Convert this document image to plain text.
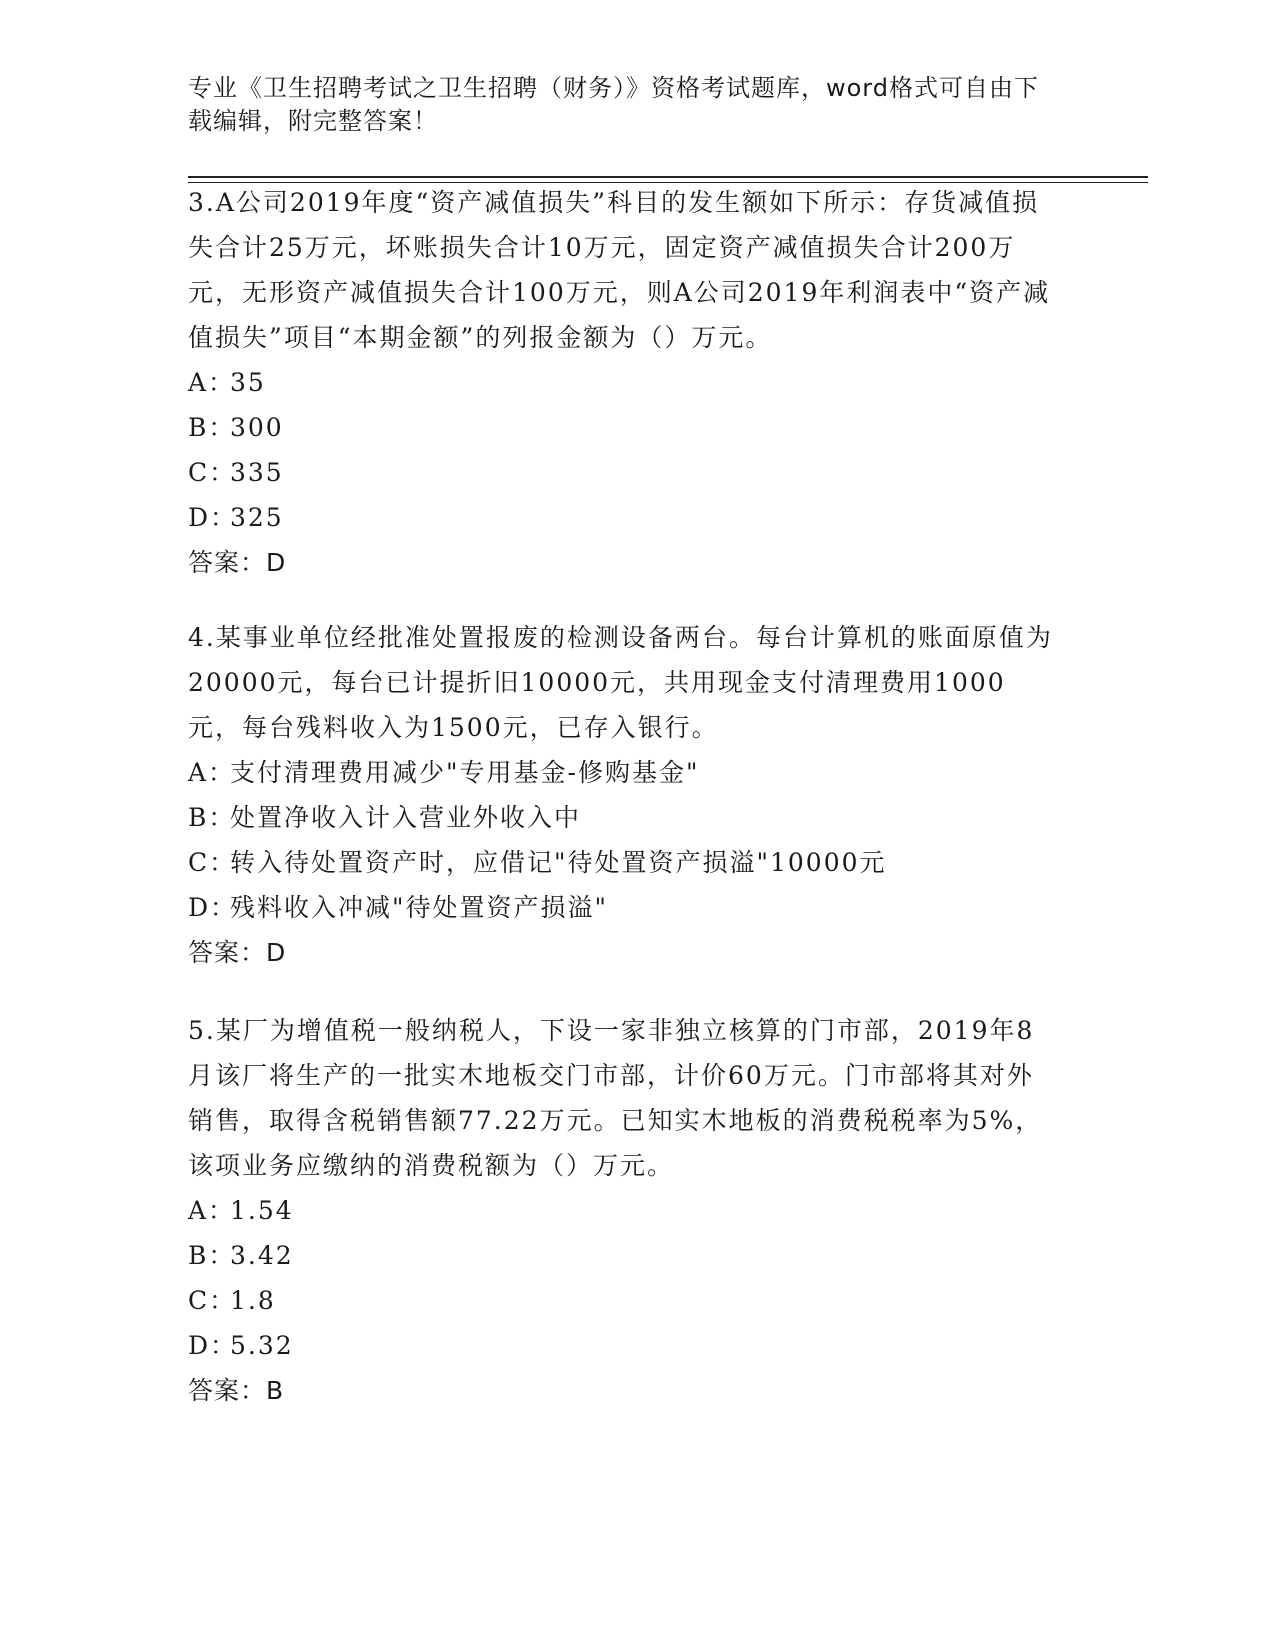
专业《卫生招聘考试之卫生招聘（财务）》资格考试题库，word格式可自由下载编辑，附完整答案！

3.A公司2019年度“资产减值损失”科目的发生额如下所示：存货减值损失合计25万元，坏账损失合计10万元，固定资产减值损失合计200万元，无形资产减值损失合计100万元，则A公司2019年利润表中“资产减值损失”项目“本期金额”的列报金额为（）万元。

A：35

B：300

C：335

D：325

答案：D

4.某事业单位经批准处置报废的检测设备两台。每台计算机的账面原值为20000元，每台已计提折旧10000元，共用现金支付清理费用1000元，每台残料收入为1500元，已存入银行。

A：支付清理费用减少"专用基金-修购基金"

B：处置净收入计入营业外收入中

C：转入待处置资产时，应借记"待处置资产损溢"10000元

D：残料收入冲减"待处置资产损溢"

答案：D

5.某厂为增值税一般纳税人，下设一家非独立核算的门市部，2019年8月该厂将生产的一批实木地板交门市部，计价60万元。门市部将其对外销售，取得含税销售额77.22万元。已知实木地板的消费税税率为5%，该项业务应缴纳的消费税额为（）万元。

A：1.54

B：3.42

C：1.8

D：5.32

答案：B
